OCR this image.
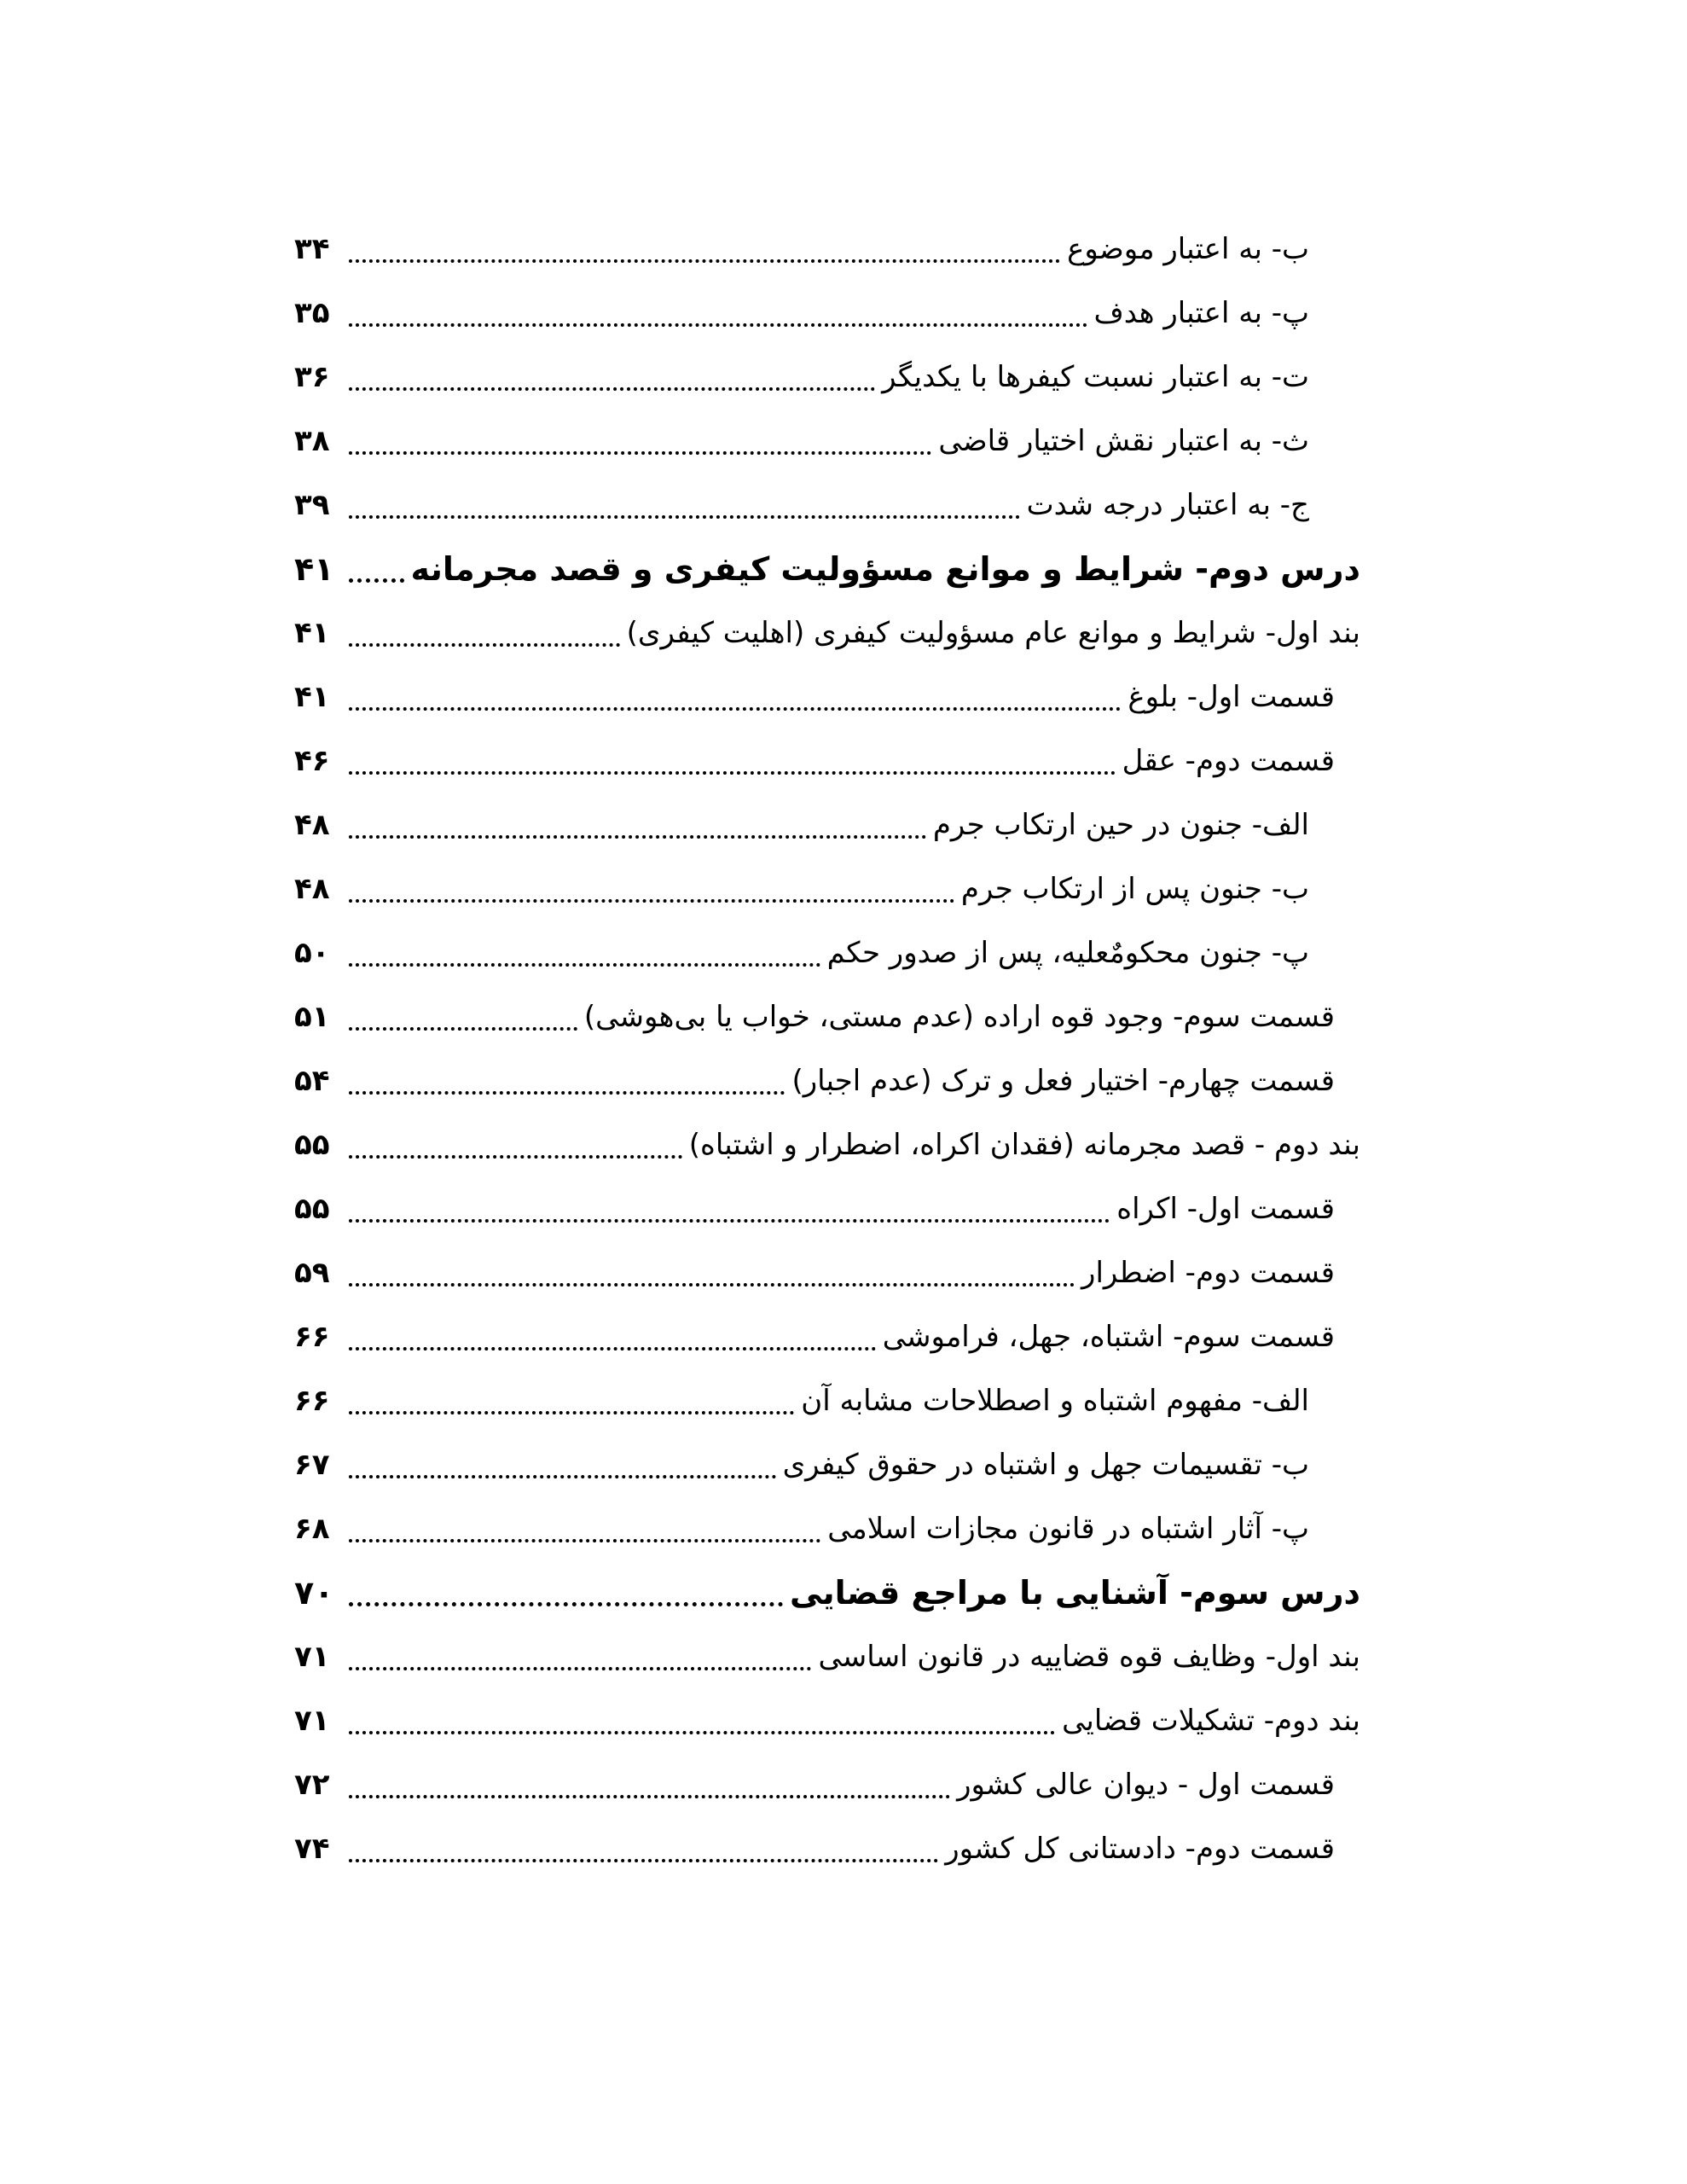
ب- به اعتبار موضوع
۳۴
پ- به اعتبار هدف
۳۵
ت- به اعتبار نسبت کیفرها با یکدیگر
۳۶
ث- به اعتبار نقش اختیار قاضی
۳۸
ج- به اعتبار درجه شدت
۳۹
درس دوم- شرایط و موانع مسؤولیت کیفری و قصد مجرمانه
۴۱
بند اول- شرایط و موانع عام مسؤولیت کیفری (اهلیت کیفری)
۴۱
قسمت اول- بلوغ
۴۱
قسمت دوم- عقل
۴۶
الف- جنون در حین ارتکاب جرم
۴۸
ب- جنون پس از ارتکاب جرم
۴۸
پ- جنون محکومٌعلیه، پس از صدور حکم
۵۰
قسمت سوم- وجود قوه اراده (عدم مستی، خواب یا بی‌هوشی)
۵۱
قسمت چهارم- اختیار فعل و ترک (عدم اجبار)
۵۴
بند دوم - قصد مجرمانه (فقدان اکراه، اضطرار و اشتباه)
۵۵
قسمت اول- اکراه
۵۵
قسمت دوم- اضطرار
۵۹
قسمت سوم- اشتباه، جهل، فراموشی
۶۶
الف- مفهوم اشتباه و اصطلاحات مشابه آن
۶۶
ب- تقسیمات جهل و اشتباه در حقوق کیفری
۶۷
پ- آثار اشتباه در قانون مجازات اسلامی
۶۸
درس سوم- آشنایی با مراجع قضایی
۷۰
بند اول- وظایف قوه قضاییه در قانون اساسی
۷۱
بند دوم- تشکیلات قضایی
۷۱
قسمت اول - دیوان عالی کشور
۷۲
قسمت دوم- دادستانی کل کشور
۷۴
